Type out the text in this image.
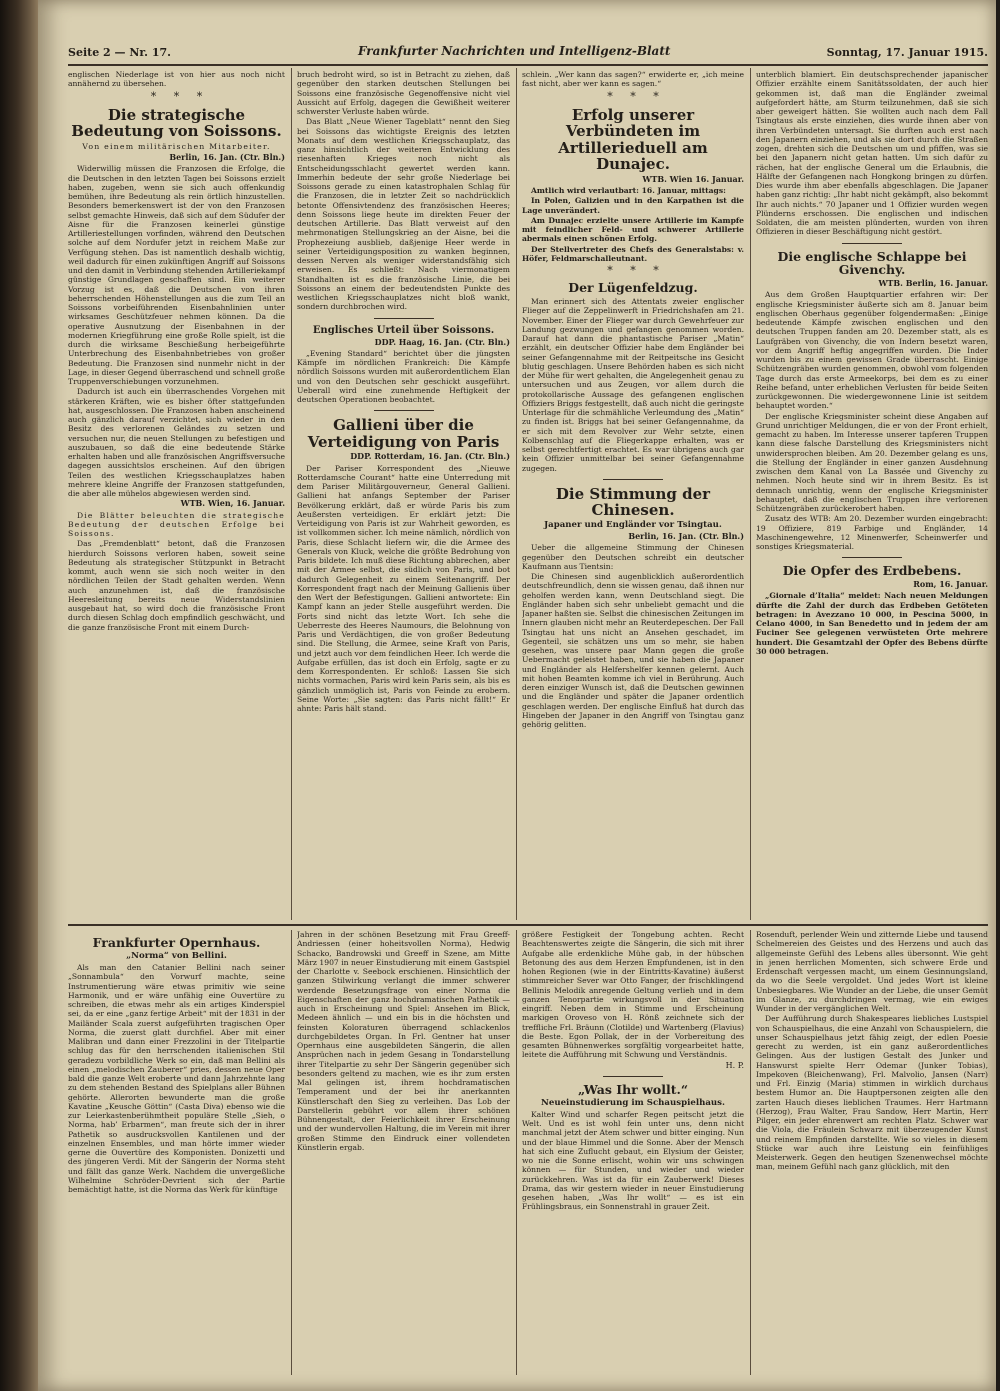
Seite 2 — Nr. 17.	Frankfurter Nachrichten und Intelligenz-Blatt	Sonntag, 17. Januar 1915.

englischen Niederlage ist von hier aus noch nicht annähernd zu übersehen.

*     *     *
Die strategische Bedeutung von Soissons.
Von einem militärischen Mitarbeiter.
Berlin, 16. Jan. (Ctr. Bln.)

Widerwillig müssen die Franzosen die Erfolge, die die Deutschen in den letzten Tagen bei Soissons erzielt haben, zugeben, wenn sie sich auch offenkundig bemühen, ihre Bedeutung als rein örtlich hinzustellen. Besonders bemerkenswert ist der von den Franzosen selbst gemachte Hinweis, daß sich auf dem Südufer der Aisne für die Franzosen keinerlei günstige Artilleriestellungen vorfinden, während den Deutschen solche auf dem Nordufer jetzt in reichem Maße zur Verfügung stehen. Das ist namentlich deshalb wichtig, weil dadurch für einen zukünftigen Angriff auf Soissons und den damit in Verbindung stehenden Artilleriekampf günstige Grundlagen geschaffen sind. Ein weiterer Vorzug ist es, daß die Deutschen von ihren beherrschenden Höhenstellungen aus die zum Teil an Soissons vorbeiführenden Eisenbahnlinien unter wirksames Geschützfeuer nehmen können. Da die operative Ausnutzung der Eisenbahnen in der modernen Kriegführung eine große Rolle spielt, ist die durch die wirksame Beschießung herbeigeführte Unterbrechung des Eisenbahnbetriebes von großer Bedeutung. Die Franzosen sind nunmehr nicht in der Lage, in dieser Gegend überraschend und schnell große Truppenverschiebungen vorzunehmen.

Dadurch ist auch ein überraschendes Vorgehen mit stärkeren Kräften, wie es bisher öfter stattgefunden hat, ausgeschlossen. Die Franzosen haben anscheinend auch gänzlich darauf verzichtet, sich wieder in den Besitz des verlorenen Geländes zu setzen und versuchen nur, die neuen Stellungen zu befestigen und auszubauen, so daß die eine bedeutende Stärke erhalten haben und alle französischen Angriffsversuche dagegen aussichtslos erscheinen. Auf den übrigen Teilen des westlichen Kriegsschauplatzes haben mehrere kleine Angriffe der Franzosen stattgefunden, die aber alle mühelos abgewiesen werden sind.

WTB. Wien, 16. Januar.

Die Blätter beleuchten die strategische Bedeutung der deutschen Erfolge bei Soissons.

Das „Fremdenblatt“ betont, daß die Franzosen hierdurch Soissons verloren haben, soweit seine Bedeutung als strategischer Stützpunkt in Betracht kommt, auch wenn sie sich noch weiter in den nördlichen Teilen der Stadt gehalten werden. Wenn auch anzunehmen ist, daß die französische Heeresleitung bereits neue Widerstandslinien ausgebaut hat, so wird doch die französische Front durch diesen Schlag doch empfindlich geschwächt, und die ganze französische Front mit einem Durch-

bruch bedroht wird, so ist in Betracht zu ziehen, daß gegenüber den starken deutschen Stellungen bei Soissons eine französische Gegenoffensive nicht viel Aussicht auf Erfolg, dagegen die Gewißheit weiterer schwerster Verluste haben würde.

Das Blatt „Neue Wiener Tageblatt“ nennt den Sieg bei Soissons das wichtigste Ereignis des letzten Monats auf dem westlichen Kriegsschauplatz, das ganz hinsichtlich der weiteren Entwicklung des riesenhaften Krieges noch nicht als Entscheidungsschlacht gewertet werden kann. Immerhin bedeute der sehr große Niederlage bei Soissons gerade zu einen katastrophalen Schlag für die Franzosen, die in letzter Zeit so nachdrücklich betonte Offensivtendenz des französischen Heeres; denn Soissons liege heute im direkten Feuer der deutschen Artillerie. Das Blatt verweist auf den mehrmonatigen Stellungskrieg an der Aisne, bei die Prophezeiung ausblieb, daßjenige Heer werde in seiner Verteidigungsposition zu wanken beginnen, dessen Nerven als weniger widerstandsfähig sich erweisen. Es schließt: Nach viermonatigem Standhalten ist es die französische Linie, die bei Soissons an einem der bedeutendsten Punkte des westlichen Kriegsschauplatzes nicht bloß wankt, sondern durchbrochen wird.

Englisches Urteil über Soissons.
DDP. Haag, 16. Jan. (Ctr. Bln.)

„Evening Standard“ berichtet über die jüngsten Kämpfe im nördlichen Frankreich: Die Kämpfe nördlich Soissons wurden mit außerordentlichem Elan und von den Deutschen sehr geschickt ausgeführt. Ueberall wird eine zunehmende Heftigkeit der deutschen Operationen beobachtet.

Gallieni über die Verteidigung von Paris
DDP. Rotterdam, 16. Jan. (Ctr. Bln.)

Der Pariser Korrespondent des „Nieuwe Rotterdamsche Courant“ hatte eine Unterredung mit dem Pariser Militärgouverneur, General Gallieni. Gallieni hat anfangs September der Pariser Bevölkerung erklärt, daß er würde Paris bis zum Aeußersten verteidigen. Er erklärt jetzt: Die Verteidigung von Paris ist zur Wahrheit geworden, es ist vollkommen sicher. Ich meine nämlich, nördlich von Paris, diese Schlacht liefern wir, die die Armee des Generals von Kluck, welche die größte Bedrohung von Paris bildete. Ich muß diese Richtung abbrechen, aber mit der Armee selbst, die südlich von Paris, und bot dadurch Gelegenheit zu einem Seitenangriff. Der Korrespondent fragt nach der Meinung Gallienis über den Wert der Befestigungen. Gallieni antwortete: Ein Kampf kann an jeder Stelle ausgeführt werden. Die Forts sind nicht das letzte Wort. Ich sehe die Ueberreste des Heeres Naumours, die Belohnung von Paris und Verdächtigen, die von großer Bedeutung sind. Die Stellung, die Armee, seine Kraft von Paris, und jetzt auch vor dem feindlichen Heer. Ich werde die Aufgabe erfüllen, das ist doch ein Erfolg, sagte er zu dem Korrespondenten. Er schloß: Lassen Sie sich nichts vormachen, Paris wird kein Paris sein, als bis es gänzlich unmöglich ist, Paris von Feinde zu erobern. Seine Worte: „Sie sagten: das Paris nicht fällt!“ Er ahnte: Paris hält stand.

schlein. „Wer kann das sagen?“ erwiderte er, „ich meine fast nicht, aber wer kann es sagen.“

*     *     *
Erfolg unserer Verbündeten im Artillerieduell am Dunajec.
WTB. Wien 16. Januar.

Amtlich wird verlautbart: 16. Januar, mittags:

In Polen, Galizien und in den Karpathen ist die Lage unverändert.

Am Dunajec erzielte unsere Artillerie im Kampfe mit feindlicher Feld- und schwerer Artillerie abermals einen schönen Erfolg.

Der Stellvertreter des Chefs des Generalstabs: v. Höfer, Feldmarschalleutnant.

*     *     *
Der Lügenfeldzug.

Man erinnert sich des Attentats zweier englischer Flieger auf die Zeppelinwerft in Friedrichshafen am 21. November. Einer der Flieger war durch Gewehrfeuer zur Landung gezwungen und gefangen genommen worden. Darauf hat dann die phantastische Pariser „Matin“ erzählt, ein deutscher Offizier habe dem Engländer bei seiner Gefangennahme mit der Reitpeitsche ins Gesicht blutig geschlagen. Unsere Behörden haben es sich nicht der Mühe für wert gehalten, die Angelegenheit genau zu untersuchen und aus Zeugen, vor allem durch die protokollarische Aussage des gefangenen englischen Offiziers Briggs festgestellt, daß auch nicht die geringste Unterlage für die schmähliche Verleumdung des „Matin“ zu finden ist. Briggs hat bei seiner Gefangennahme, da er sich mit dem Revolver zur Wehr setzte, einen Kolbenschlag auf die Fliegerkappe erhalten, was er selbst gerechtfertigt erachtet. Es war übrigens auch gar kein Offizier unmittelbar bei seiner Gefangennahme zugegen.

Die Stimmung der Chinesen.
Japaner und Engländer vor Tsingtau.
Berlin, 16. Jan. (Ctr. Bln.)

Ueber die allgemeine Stimmung der Chinesen gegenüber den Deutschen schreibt ein deutscher Kaufmann aus Tientsin:

Die Chinesen sind augenblicklich außerordentlich deutschfreundlich, denn sie wissen genau, daß ihnen nur geholfen werden kann, wenn Deutschland siegt. Die Engländer haben sich sehr unbeliebt gemacht und die Japaner haßten sie. Selbst die chinesischen Zeitungen im Innern glauben nicht mehr an Reuterdepeschen. Der Fall Tsingtau hat uns nicht an Ansehen geschadet, im Gegenteil, sie schätzen uns um so mehr, sie haben gesehen, was unsere paar Mann gegen die große Uebermacht geleistet haben, und sie haben die Japaner und Engländer als Helfershelfer kennen gelernt. Auch mit hohen Beamten komme ich viel in Berührung. Auch deren einziger Wunsch ist, daß die Deutschen gewinnen und die Engländer und später die Japaner ordentlich geschlagen werden. Der englische Einfluß hat durch das Hingeben der Japaner in den Angriff von Tsingtau ganz gehörig gelitten.

unterblich blamiert. Ein deutschsprechender japanischer Offizier erzählte einem Sanitätssoldaten, der auch hier gekommen ist, daß man die Engländer zweimal aufgefordert hätte, am Sturm teilzunehmen, daß sie sich aber geweigert hätten. Sie wollten auch nach dem Fall Tsingtaus als erste einziehen, dies wurde ihnen aber von ihren Verbündeten untersagt. Sie durften auch erst nach den Japanern einziehen, und als sie dort durch die Straßen zogen, drehten sich die Deutschen um und pfiffen, was sie bei den Japanern nicht getan hatten. Um sich dafür zu rächen, hat der englische General um die Erlaubnis, die Hälfte der Gefangenen nach Hongkong bringen zu dürfen. Dies wurde ihm aber ebenfalls abgeschlagen. Die Japaner haben ganz richtig: „Ihr habt nicht gekämpft, also bekommt Ihr auch nichts.“ 70 Japaner und 1 Offizier wurden wegen Plünderns erschossen. Die englischen und indischen Soldaten, die am meisten plünderten, wurden von ihren Offizieren in dieser Beschäftigung nicht gestört.

Die englische Schlappe bei Givenchy.
WTB. Berlin, 16. Januar.

Aus dem Großen Hauptquartier erfahren wir: Der englische Kriegsminister äußerte sich am 8. Januar beim englischen Oberhaus gegenüber folgendermaßen: „Einige bedeutende Kämpfe zwischen englischen und den deutschen Truppen fanden am 20. Dezember statt, als es Laufgräben von Givenchy, die von Indern besetzt waren, vor dem Angriff heftig angegriffen wurden. Die Inder wurden bis zu einem gewissen Grade überrascht. Einige Schützengräben wurden genommen, obwohl vom folgenden Tage durch das erste Armeekorps, bei dem es zu einer Reihe befand, unter erheblichen Verlusten für beide Seiten zurückgewonnen. Die wiedergewonnene Linie ist seitdem behauptet worden.“

Der englische Kriegsminister scheint diese Angaben auf Grund unrichtiger Meldungen, die er von der Front erhielt, gemacht zu haben. Im Interesse unserer tapferen Truppen kann diese falsche Darstellung des Kriegsministers nicht unwidersprochen bleiben. Am 20. Dezember gelang es uns, die Stellung der Engländer in einer ganzen Ausdehnung zwischen dem Kanal von La Bassée und Givenchy zu nehmen. Noch heute sind wir in ihrem Besitz. Es ist demnach unrichtig, wenn der englische Kriegsminister behauptet, daß die englischen Truppen ihre verlorenen Schützengräben zurückerobert haben.

Zusatz des WTB: Am 20. Dezember wurden eingebracht: 19 Offiziere, 819 Farbige und Engländer, 14 Maschinengewehre, 12 Minenwerfer, Scheinwerfer und sonstiges Kriegsmaterial.

Die Opfer des Erdbebens.
Rom, 16. Januar.

„Giornale d’Italia“ meldet: Nach neuen Meldungen dürfte die Zahl der durch das Erdbeben Getöteten betragen: in Avezzano 10 000, in Pescina 5000, in Celano 4000, in San Benedetto und in jedem der am Fuciner See gelegenen verwüsteten Orte mehrere hundert. Die Gesamtzahl der Opfer des Bebens dürfte 30 000 betragen.

Frankfurter Opernhaus.
„Norma“ von Bellini.

Als man den Catanier Bellini nach seiner „Sonnambula“ den Vorwurf machte, seine Instrumentierung wäre etwas primitiv wie seine Harmonik, und er wäre unfähig eine Ouvertüre zu schreiben, die etwas mehr als ein artiges Kinderspiel sei, da er eine „ganz fertige Arbeit“ mit der 1831 in der Mailänder Scala zuerst aufgeführten tragischen Oper Norma, die zuerst glatt durchfiel. Aber mit einer Malibran und dann einer Frezzolini in der Titelpartie schlug das für den herrschenden italienischen Stil geradezu vorbildliche Werk so ein, daß man Bellini als einen „melodischen Zauberer“ pries, dessen neue Oper bald die ganze Welt eroberte und dann Jahrzehnte lang zu dem stehenden Bestand des Spielplans aller Bühnen gehörte. Allerorten bewunderte man die große Kavatine „Keusche Göttin“ (Casta Diva) ebenso wie die zur Leierkastenberühmtheit populäre Stelle „Sieh, o Norma, hab’ Erbarmen“, man freute sich der in ihrer Pathetik so ausdrucksvollen Kantilenen und der einzelnen Ensembles, und man hörte immer wieder gerne die Ouvertüre des Komponisten. Donizetti und des jüngeren Verdi. Mit der Sängerin der Norma steht und fällt das ganze Werk. Nachdem die unvergeßliche Wilhelmine Schröder-Devrient sich der Partie bemächtigt hatte, ist die Norma das Werk für künftige

Jahren in der schönen Besetzung mit Frau Greeff-Andriessen (einer hoheitsvollen Norma), Hedwig Schacko, Bandrowski und Greeff in Szene, am Mitte März 1907 in neuer Einstudierung mit einem Gastspiel der Charlotte v. Seebock erschienen. Hinsichtlich der ganzen Stilwirkung verlangt die immer schwerer werdende Besetzungsfrage von einer Norma die Eigenschaften der ganz hochdramatischen Pathetik — auch in Erscheinung und Spiel: Ansehen im Blick, Medeen ähnlich — und ein bis in die höchsten und feinsten Koloraturen überragend schlackenlos durchgebildetes Organ. In Frl. Gentner hat unser Opernhaus eine ausgebildeten Sängerin, die allen Ansprüchen nach in jedem Gesang in Tondarstellung ihrer Titelpartie zu sehr Der Sängerin gegenüber sich besonders geltend zu machen, wie es ihr zum ersten Mal gelingen ist, ihrem hochdramatischen Temperament und der bei ihr anerkannten Künstlerschaft den Sieg zu verleihen. Das Lob der Darstellerin gebührt vor allem ihrer schönen Bühnengestalt, der Feierlichkeit ihrer Erscheinung und der wundervollen Haltung, die im Verein mit ihrer großen Stimme den Eindruck einer vollendeten Künstlerin ergab.

größere Festigkeit der Tongebung achten. Recht Beachtenswertes zeigte die Sängerin, die sich mit ihrer Aufgabe alle erdenkliche Mühe gab, in der hübschen Betonung des aus dem Herzen Empfundenen, ist in den hohen Regionen (wie in der Eintritts-Kavatine) äußerst stimmreicher Sever war Otto Fanger, der frischklingend Bellinis Melodik anregende Geltung verlieh und in dem ganzen Tenorpartie wirkungsvoll in der Situation eingriff. Neben dem in Stimme und Erscheinung markigen Oroveso von H. Rönß zeichnete sich der treffliche Frl. Bräunn (Clotilde) und Wartenberg (Flavius) die Beste. Egon Pollak, der in der Vorbereitung des gesamten Bühnenwerkes sorgfältig vorgearbeitet hatte, leitete die Aufführung mit Schwung und Verständnis.

H. P.
„Was Ihr wollt.“
Neueinstudierung im Schauspielhaus.

Kalter Wind und scharfer Regen peitscht jetzt die Welt. Und es ist wohl fein unter uns, denn nicht manchmal jetzt der Atem schwer und bitter einging. Nun und der blaue Himmel und die Sonne. Aber der Mensch hat sich eine Zuflucht gebaut, ein Elysium der Geister, wo nie die Sonne erlischt, wohin wir uns schwingen können — für Stunden, und wieder und wieder zurückkehren. Was ist da für ein Zauberwerk! Dieses Drama, das wir gestern wieder in neuer Einstudierung gesehen haben, „Was Ihr wollt“ — es ist ein Frühlingsbraus, ein Sonnenstrahl in grauer Zeit.

Rosenduft, perlender Wein und zitternde Liebe und tausend Schelmereien des Geistes und des Herzens und auch das allgemeinste Gefühl des Lebens alles übersonnt. Wie geht in jenen herrlichen Momenten, sich schwere Erde und Erdenschaft vergessen macht, um einem Gesinnungsland, da wo die Seele vergoldet. Und jedes Wort ist kleine Unbesiegbares. Wie Wunder an der Liebe, die unser Gemüt im Glanze, zu durchdringen vermag, wie ein ewiges Wunder in der vergänglichen Welt.

Der Aufführung durch Shakespeares liebliches Lustspiel von Schauspielhaus, die eine Anzahl von Schauspielern, die unser Schauspielhaus jetzt fähig zeigt, der edlen Poesie gerecht zu werden, ist ein ganz außerordentliches Gelingen. Aus der lustigen Gestalt des Junker und Hanswurst spielte Herr Odemar (Junker Tobias), Impekoven (Bleichenwang), Frl. Malvolio, Jansen (Narr) und Frl. Einzig (Maria) stimmen in wirklich durchaus bestem Humor an. Die Hauptpersonen zeigten alle den zarten Hauch dieses lieblichen Traumes. Herr Hartmann (Herzog), Frau Walter, Frau Sandow, Herr Martin, Herr Pilger, ein jeder ehrenwert am rechten Platz. Schwer war die Viola, die Fräulein Schwarz mit überzeugender Kunst und reinem Empfinden darstellte. Wie so vieles in diesem Stücke war auch ihre Leistung ein feinfühliges Meisterwerk. Gegen den heutigen Szenenwechsel möchte man, meinem Gefühl nach ganz glücklich, mit den
